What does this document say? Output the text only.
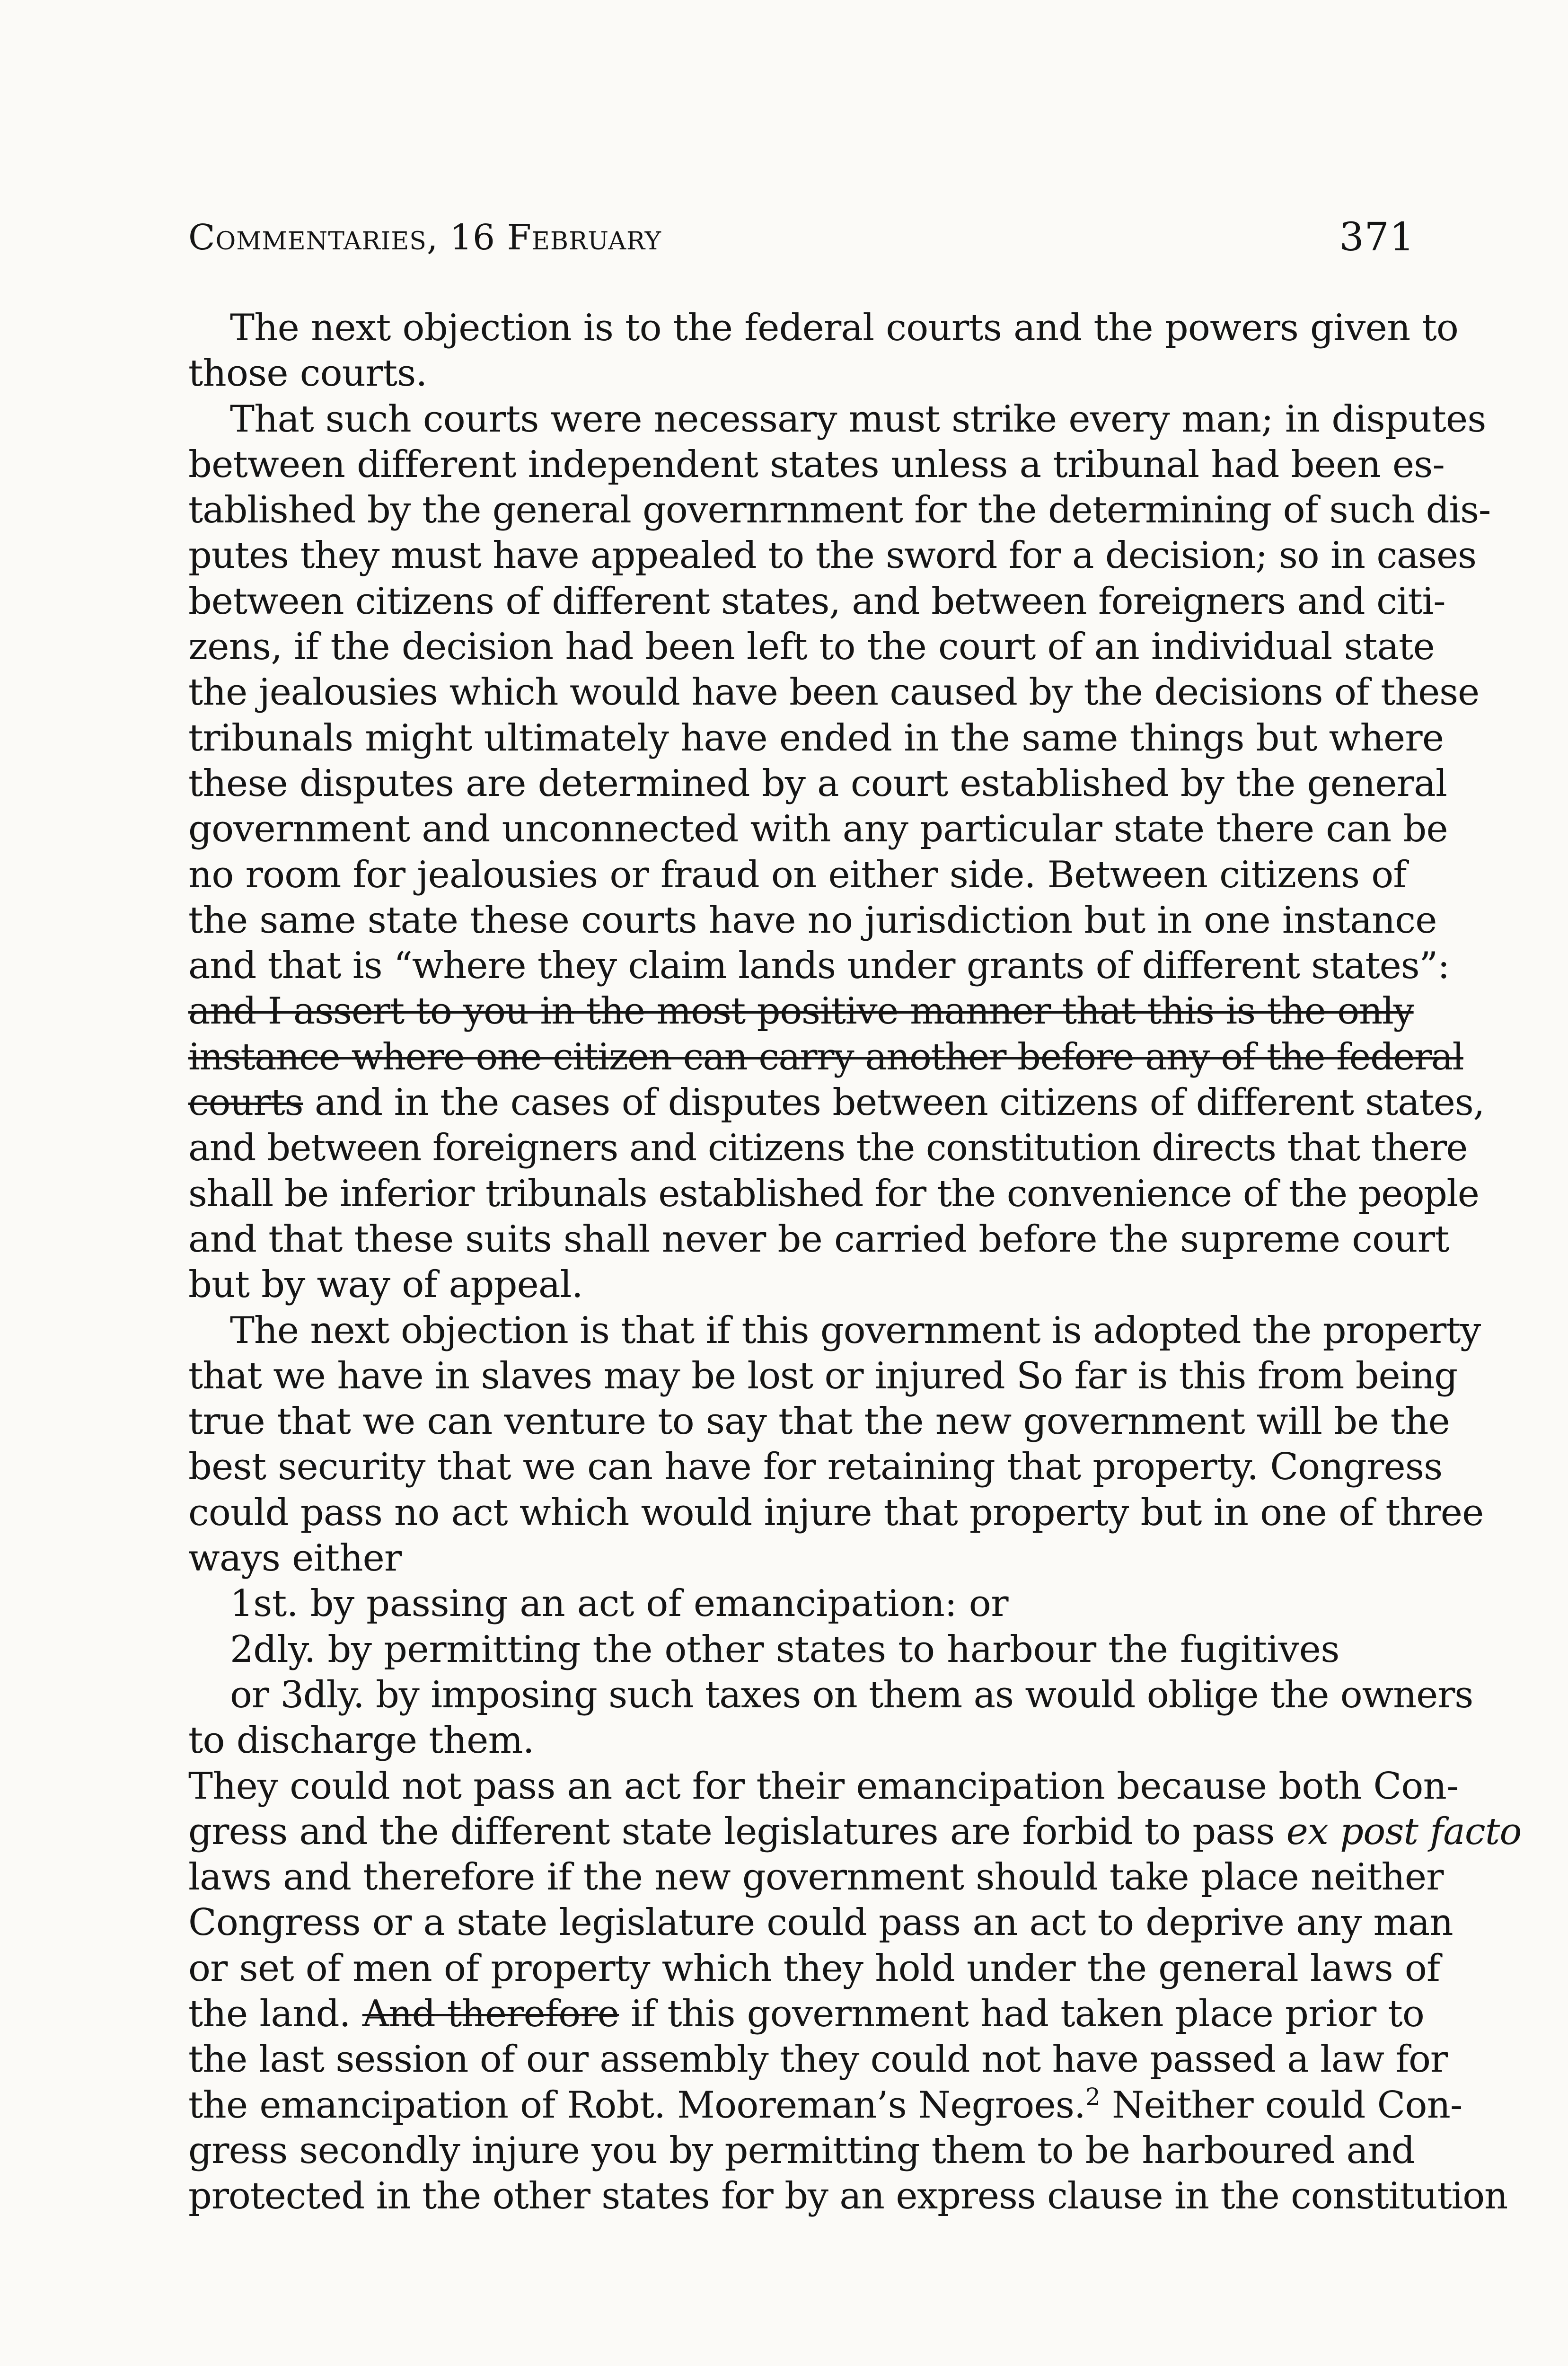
Commentaries, 16 February	371
The next objection is to the federal courts and the powers given to
those courts.
That such courts were necessary must strike every man; in disputes
between different independent states unless a tribunal had been es-
tablished by the general governrnment for the determining of such dis-
putes they must have appealed to the sword for a decision; so in cases
between citizens of different states, and between foreigners and citi-
zens, if the decision had been left to the court of an individual state
the jealousies which would have been caused by the decisions of these
tribunals might ultimately have ended in the same things but where
these disputes are determined by a court established by the general
government and unconnected with any particular state there can be
no room for jealousies or fraud on either side. Between citizens of
the same state these courts have no jurisdiction but in one instance
and that is “where they claim lands under grants of different states”:
and I assert to you in the most positive manner that this is the only
instance where one citizen can carry another before any of the federal
courts and in the cases of disputes between citizens of different states,
and between foreigners and citizens the constitution directs that there
shall be inferior tribunals established for the convenience of the people
and that these suits shall never be carried before the supreme court
but by way of appeal.
The next objection is that if this government is adopted the property
that we have in slaves may be lost or injured So far is this from being
true that we can venture to say that the new government will be the
best security that we can have for retaining that property. Congress
could pass no act which would injure that property but in one of three
ways either
1st. by passing an act of emancipation: or
2dly. by permitting the other states to harbour the fugitives
or 3dly. by imposing such taxes on them as would oblige the owners
to discharge them.
They could not pass an act for their emancipation because both Con-
gress and the different state legislatures are forbid to pass ex post facto
laws and therefore if the new government should take place neither
Congress or a state legislature could pass an act to deprive any man
or set of men of property which they hold under the general laws of
the land. And therefore if this government had taken place prior to
the last session of our assembly they could not have passed a law for
the emancipation of Robt. Mooreman’s Negroes.$^2$ Neither could Con-
gress secondly injure you by permitting them to be harboured and
protected in the other states for by an express clause in the constitution
